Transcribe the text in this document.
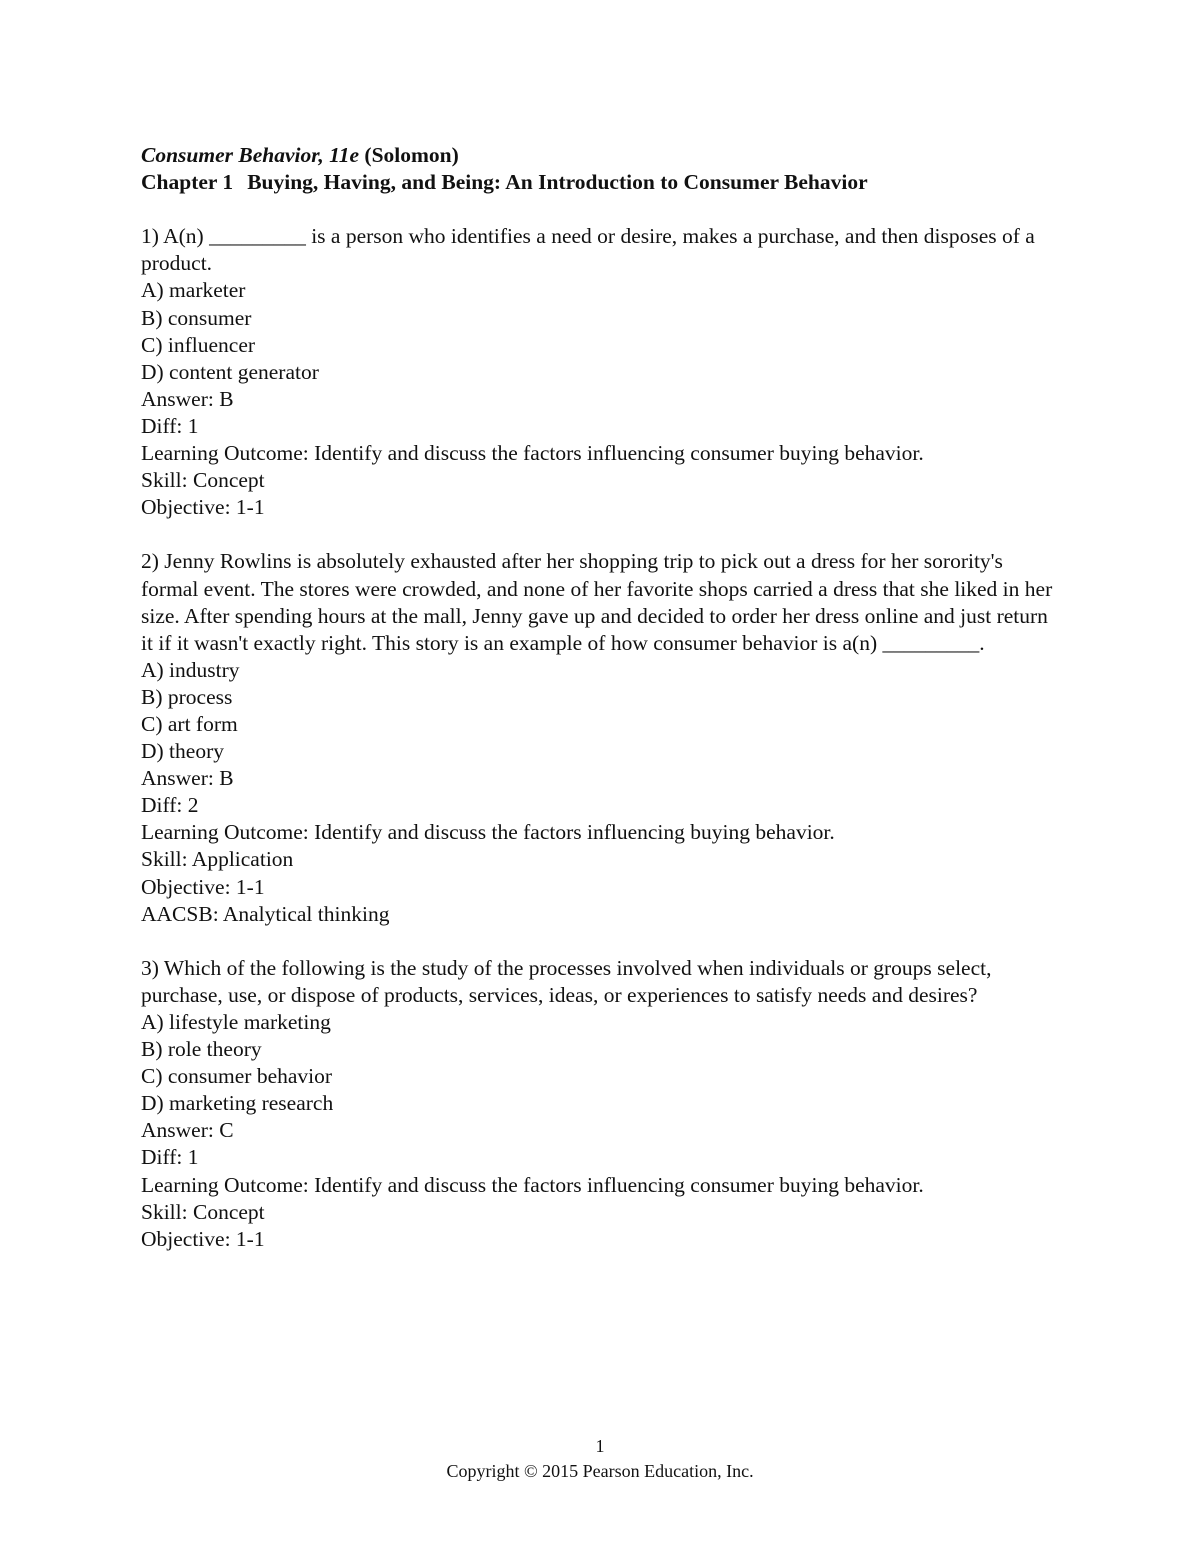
Consumer Behavior, 11e (Solomon)
Chapter 1 Buying, Having, and Being: An Introduction to Consumer Behavior
1) A(n) _________ is a person who identifies a need or desire, makes a purchase, and then disposes of a product.
A) marketer
B) consumer
C) influencer
D) content generator
Answer: B
Diff: 1
Learning Outcome: Identify and discuss the factors influencing consumer buying behavior.
Skill: Concept
Objective: 1-1
2) Jenny Rowlins is absolutely exhausted after her shopping trip to pick out a dress for her sorority's formal event. The stores were crowded, and none of her favorite shops carried a dress that she liked in her size. After spending hours at the mall, Jenny gave up and decided to order her dress online and just return it if it wasn't exactly right. This story is an example of how consumer behavior is a(n) _________.
A) industry
B) process
C) art form
D) theory
Answer: B
Diff: 2
Learning Outcome: Identify and discuss the factors influencing buying behavior.
Skill: Application
Objective: 1-1
AACSB: Analytical thinking
3) Which of the following is the study of the processes involved when individuals or groups select, purchase, use, or dispose of products, services, ideas, or experiences to satisfy needs and desires?
A) lifestyle marketing
B) role theory
C) consumer behavior
D) marketing research
Answer: C
Diff: 1
Learning Outcome: Identify and discuss the factors influencing consumer buying behavior.
Skill: Concept
Objective: 1-1
1
Copyright © 2015 Pearson Education, Inc.
